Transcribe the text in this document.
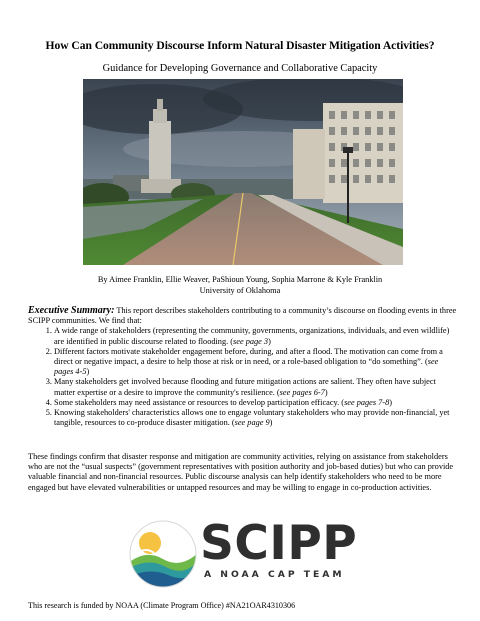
How Can Community Discourse Inform Natural Disaster Mitigation Activities?
Guidance for Developing Governance and Collaborative Capacity
By Aimee Franklin, Ellie Weaver, PaShioun Young, Sophia Marrone & Kyle Franklin
University of Oklahoma
Executive Summary: This report describes stakeholders contributing to a community’s discourse on flooding events in three SCIPP communities. We find that:
1. A wide range of stakeholders (representing the community, governments, organizations, individuals, and even wildlife) are identified in public discourse related to flooding. (see page 3)
2. Different factors motivate stakeholder engagement before, during, and after a flood. The motivation can come from a direct or negative impact, a desire to help those at risk or in need, or a role-based obligation to “do something”. (see pages 4-5)
3. Many stakeholders get involved because flooding and future mitigation actions are salient. They often have subject matter expertise or a desire to improve the community's resilience. (see pages 6-7)
4. Some stakeholders may need assistance or resources to develop participation efficacy. (see pages 7-8)
5. Knowing stakeholders' characteristics allows one to engage voluntary stakeholders who may provide non-financial, yet tangible, resources to co-produce disaster mitigation. (see page 9)
These findings confirm that disaster response and mitigation are community activities, relying on assistance from stakeholders who are not the “usual suspects” (government representatives with position authority and job-based duties) but who can provide valuable financial and non-financial resources. Public discourse analysis can help identify stakeholders who need to be more engaged but have elevated vulnerabilities or untapped resources and may be willing to engage in co-production activities.
SCIPP
A NOAA CAP TEAM
This research is funded by NOAA (Climate Program Office) #NA21OAR4310306
